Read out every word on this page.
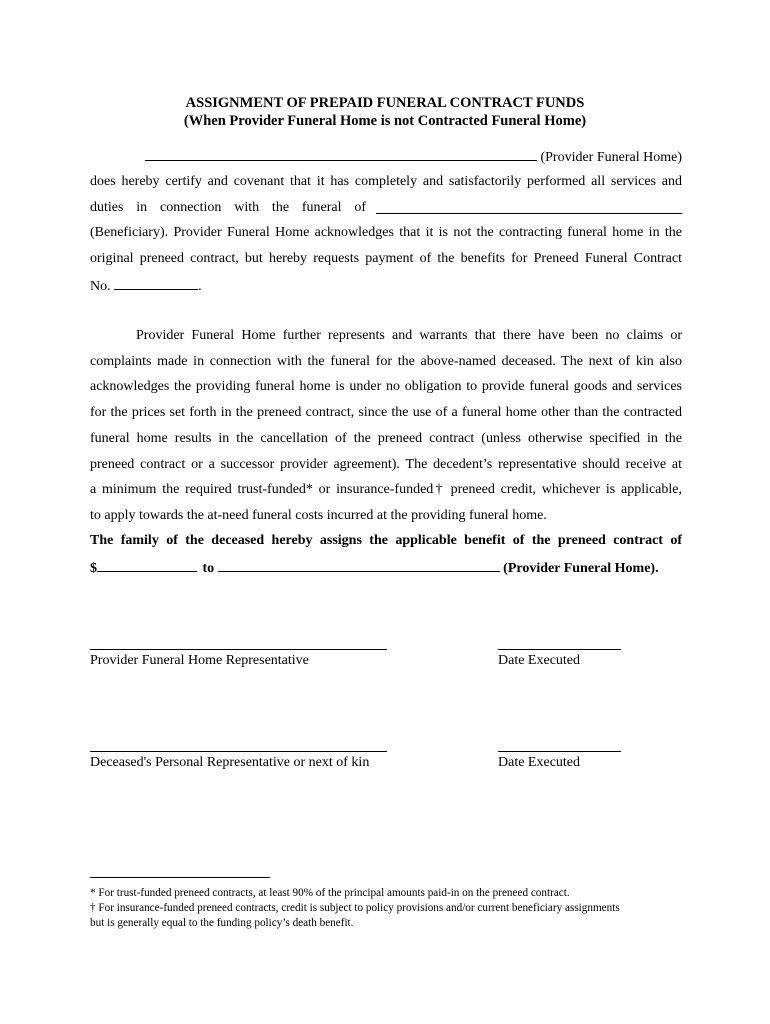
ASSIGNMENT OF PREPAID FUNERAL CONTRACT FUNDS
(When Provider Funeral Home is not Contracted Funeral Home)
(Provider Funeral Home)
does hereby certify and covenant that it has completely and satisfactorily performed all services and
duties in connection with the funeral of
(Beneficiary). Provider Funeral Home acknowledges that it is not the contracting funeral home in the
original preneed contract, but hereby requests payment of the benefits for Preneed Funeral Contract
No.	.
Provider Funeral Home further represents and warrants that there have been no claims or
complaints made in connection with the funeral for the above-named deceased. The next of kin also
acknowledges the providing funeral home is under no obligation to provide funeral goods and services
for the prices set forth in the preneed contract, since the use of a funeral home other than the contracted
funeral home results in the cancellation of the preneed contract (unless otherwise specified in the
preneed contract or a successor provider agreement). The decedent’s representative should receive at
a minimum the required trust-funded* or insurance-funded† preneed credit, whichever is applicable,
to apply towards the at-need funeral costs incurred at the providing funeral home.
The family of the deceased hereby assigns the applicable benefit of the preneed contract of
$	to	(Provider Funeral Home).
Provider Funeral Home Representative	Date Executed
Deceased's Personal Representative or next of kin	Date Executed
* For trust-funded preneed contracts, at least 90% of the principal amounts paid-in on the preneed contract.
† For insurance-funded preneed contracts, credit is subject to policy provisions and/or current beneficiary assignments
but is generally equal to the funding policy’s death benefit.
